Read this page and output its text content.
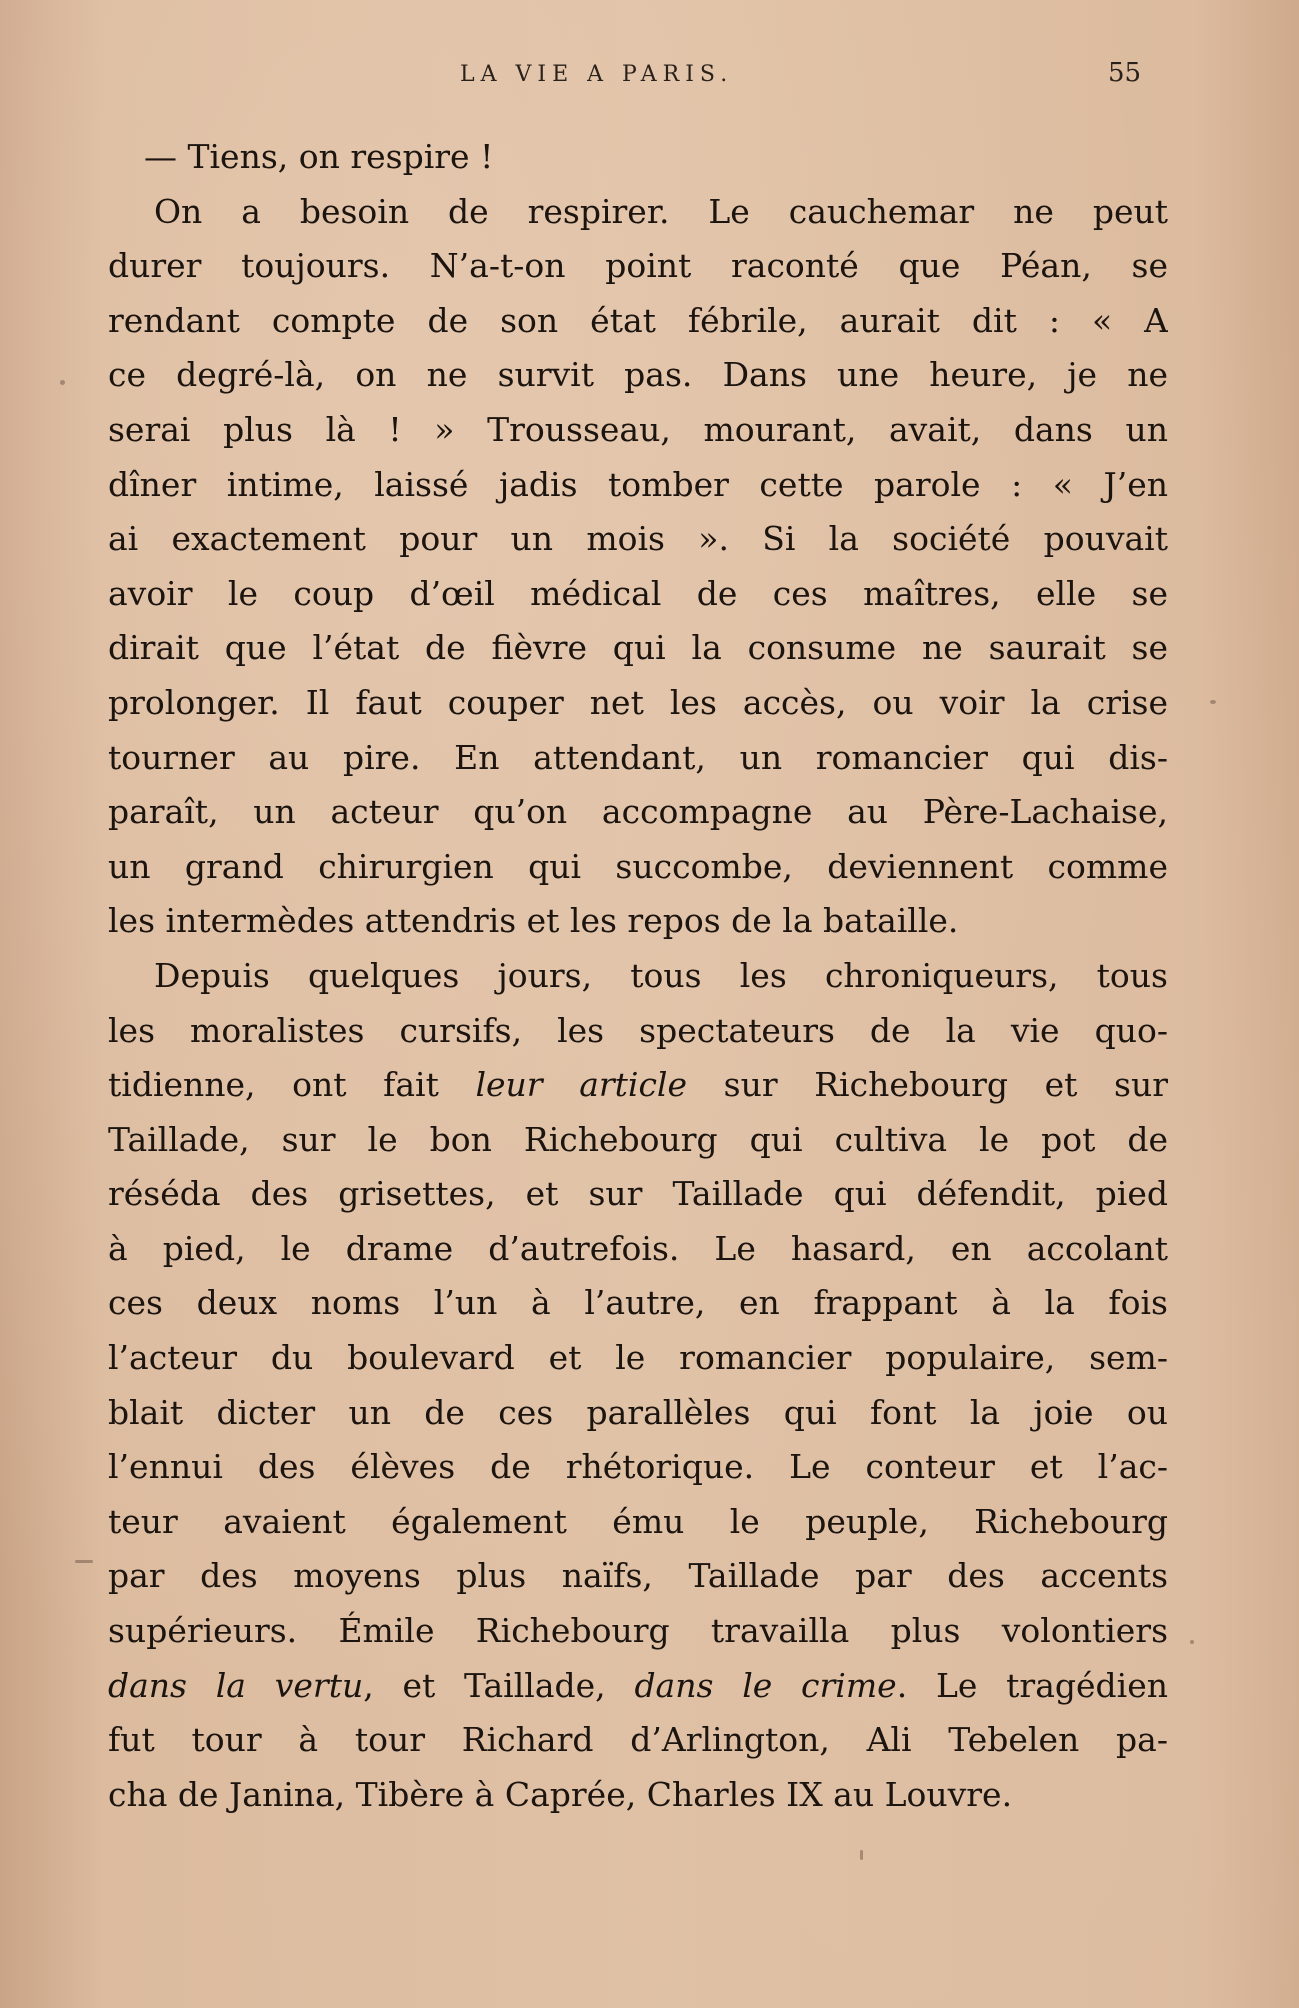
LA VIE A PARIS.	55
— Tiens, on respire !
On a besoin de respirer. Le cauchemar ne peut
durer toujours. N’a-t-on point raconté que Péan, se
rendant compte de son état fébrile, aurait dit : « A
ce degré-là, on ne survit pas. Dans une heure, je ne
serai plus là ! » Trousseau, mourant, avait, dans un
dîner intime, laissé jadis tomber cette parole : « J’en
ai exactement pour un mois ». Si la société pouvait
avoir le coup d’œil médical de ces maîtres, elle se
dirait que l’état de fièvre qui la consume ne saurait se
prolonger. Il faut couper net les accès, ou voir la crise
tourner au pire. En attendant, un romancier qui dis-
paraît, un acteur qu’on accompagne au Père-Lachaise,
un grand chirurgien qui succombe, deviennent comme
les intermèdes attendris et les repos de la bataille.
Depuis quelques jours, tous les chroniqueurs, tous
les moralistes cursifs, les spectateurs de la vie quo-
tidienne, ont fait leur article sur Richebourg et sur
Taillade, sur le bon Richebourg qui cultiva le pot de
réséda des grisettes, et sur Taillade qui défendit, pied
à pied, le drame d’autrefois. Le hasard, en accolant
ces deux noms l’un à l’autre, en frappant à la fois
l’acteur du boulevard et le romancier populaire, sem-
blait dicter un de ces parallèles qui font la joie ou
l’ennui des élèves de rhétorique. Le conteur et l’ac-
teur avaient également ému le peuple, Richebourg
par des moyens plus naïfs, Taillade par des accents
supérieurs. Émile Richebourg travailla plus volontiers
dans la vertu, et Taillade, dans le crime. Le tragédien
fut tour à tour Richard d’Arlington, Ali Tebelen pa-
cha de Janina, Tibère à Caprée, Charles IX au Louvre.
